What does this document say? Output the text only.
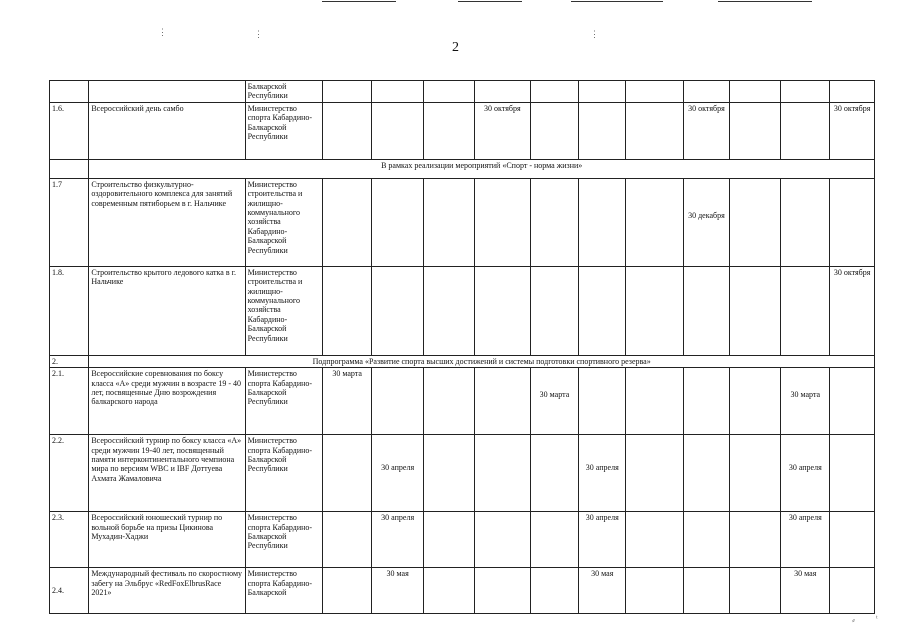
⋮	⋮	⋮
⸗ ᵗ
2
		Балкарской Республики											
1.6.	Всероссийский день самбо	Министерство спорта Кабардино-Балкарской Республики				30 октября				30 октября			30 октября
	В рамках реализации мероприятий «Спорт - норма жизни»												
1.7	Строительство физкультурно-оздоровительного комплекса для занятий современным пятиборьем в г. Нальчике	Министерство строительства и жилищно-коммунального хозяйства Кабардино-Балкарской Республики								30 декабря			
1.8.	Строительство крытого ледового катка в г. Нальчике	Министерство строительства и жилищно-коммунального хозяйства Кабардино-Балкарской Республики											30 октября
2.	Подпрограмма «Развитие спорта высших достижений и системы подготовки спортивного резерва»												
2.1.	Всероссийские соревнования по боксу класса «А» среди мужчин в возрасте 19 - 40 лет, посвященные Дню возрождения балкарского народа	Министерство спорта Кабардино-Балкарской Республики	30 марта				30 марта					30 марта	
2.2.	Всероссийский турнир по боксу класса «А» среди мужчин 19-40 лет, посвященный памяти интерконтинентального чемпиона мира по версиям WBC и IBF Доттуева Ахмата Жамаловича	Министерство спорта Кабардино-Балкарской Республики		30 апреля				30 апреля				30 апреля	
2.3.	Всероссийский юношеский турнир по вольной борьбе на призы Цикинова Мухадин-Хаджи	Министерство спорта Кабардино-Балкарской Республики		30 апреля				30 апреля				30 апреля	
2.4.	Международный фестиваль по скоростному забегу на Эльбрус «RedFoxElbrusRace 2021»	Министерство спорта Кабардино-Балкарской		30 мая				30 мая				30 мая	
